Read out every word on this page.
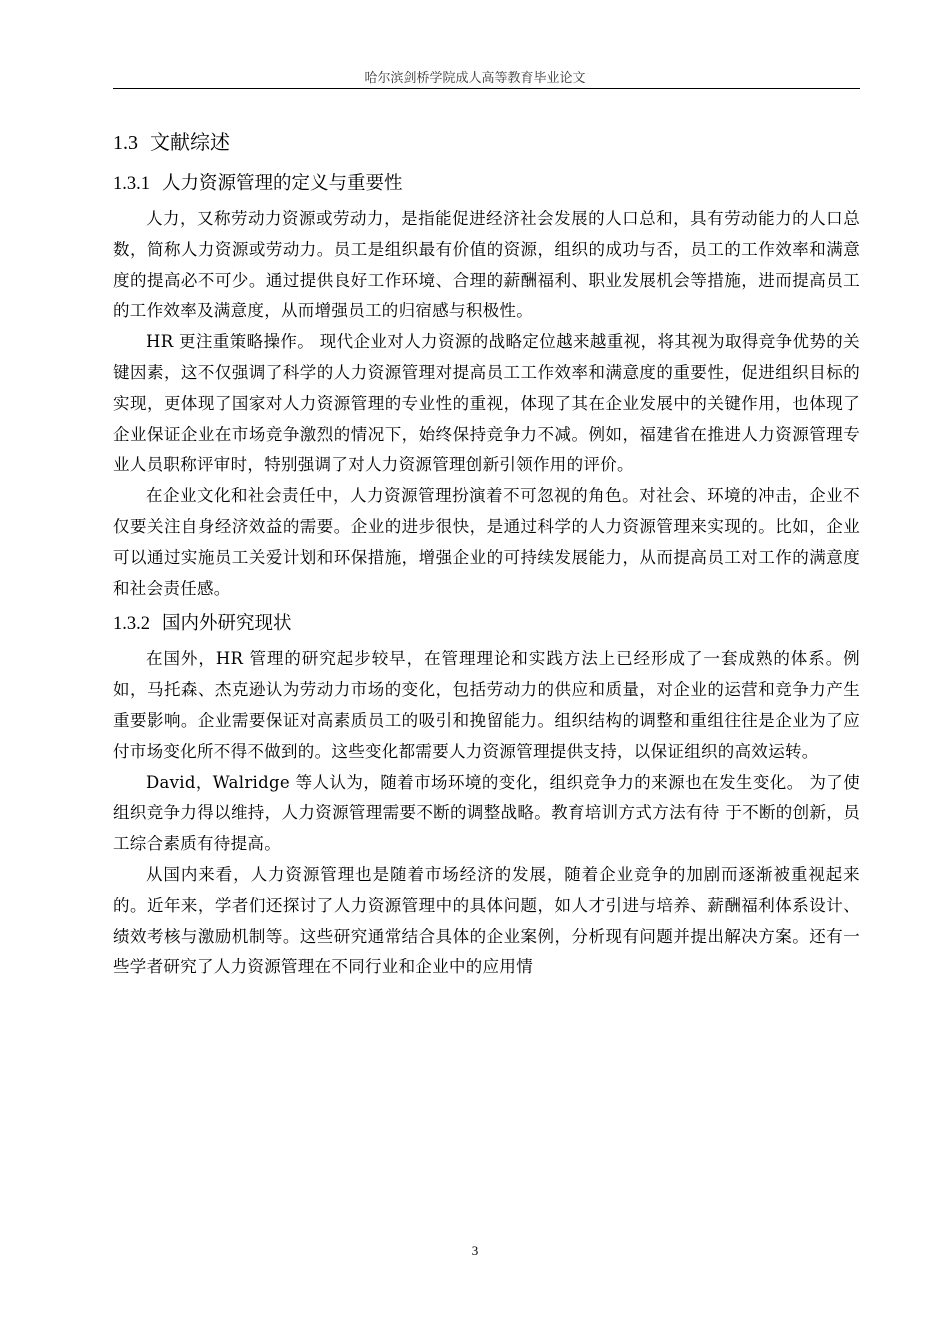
哈尔滨剑桥学院成人高等教育毕业论文
1.3 文献综述
1.3.1 人力资源管理的定义与重要性

人力，又称劳动力资源或劳动力，是指能促进经济社会发展的人口总和，具有劳动能力的人口总数，简称人力资源或劳动力。员工是组织最有价值的资源，组织的成功与否，员工的工作效率和满意度的提高必不可少。通过提供良好工作环境、合理的薪酬福利、职业发展机会等措施，进而提高员工的工作效率及满意度，从而增强员工的归宿感与积极性。

HR 更注重策略操作。 现代企业对人力资源的战略定位越来越重视，将其视为取得竞争优势的关键因素，这不仅强调了科学的人力资源管理对提高员工工作效率和满意度的重要性，促进组织目标的实现，更体现了国家对人力资源管理的专业性的重视，体现了其在企业发展中的关键作用，也体现了企业保证企业在市场竞争激烈的情况下，始终保持竞争力不减。例如，福建省在推进人力资源管理专业人员职称评审时，特别强调了对人力资源管理创新引领作用的评价。

在企业文化和社会责任中，人力资源管理扮演着不可忽视的角色。对社会、环境的冲击，企业不仅要关注自身经济效益的需要。企业的进步很快，是通过科学的人力资源管理来实现的。比如，企业可以通过实施员工关爱计划和环保措施，增强企业的可持续发展能力，从而提高员工对工作的满意度和社会责任感。

1.3.2 国内外研究现状

在国外，HR 管理的研究起步较早，在管理理论和实践方法上已经形成了一套成熟的体系。例如，马托森、杰克逊认为劳动力市场的变化，包括劳动力的供应和质量，对企业的运营和竞争力产生重要影响。企业需要保证对高素质员工的吸引和挽留能力。组织结构的调整和重组往往是企业为了应付市场变化所不得不做到的。这些变化都需要人力资源管理提供支持，以保证组织的高效运转。

David，Walridge 等人认为，随着市场环境的变化，组织竞争力的来源也在发生变化。 为了使组织竞争力得以维持，人力资源管理需要不断的调整战略。教育培训方式方法有待 于不断的创新，员工综合素质有待提高。

从国内来看，人力资源管理也是随着市场经济的发展，随着企业竞争的加剧而逐渐被重视起来的。近年来，学者们还探讨了人力资源管理中的具体问题，如人才引进与培养、薪酬福利体系设计、绩效考核与激励机制等。这些研究通常结合具体的企业案例，分析现有问题并提出解决方案。还有一些学者研究了人力资源管理在不同行业和企业中的应用情

3
